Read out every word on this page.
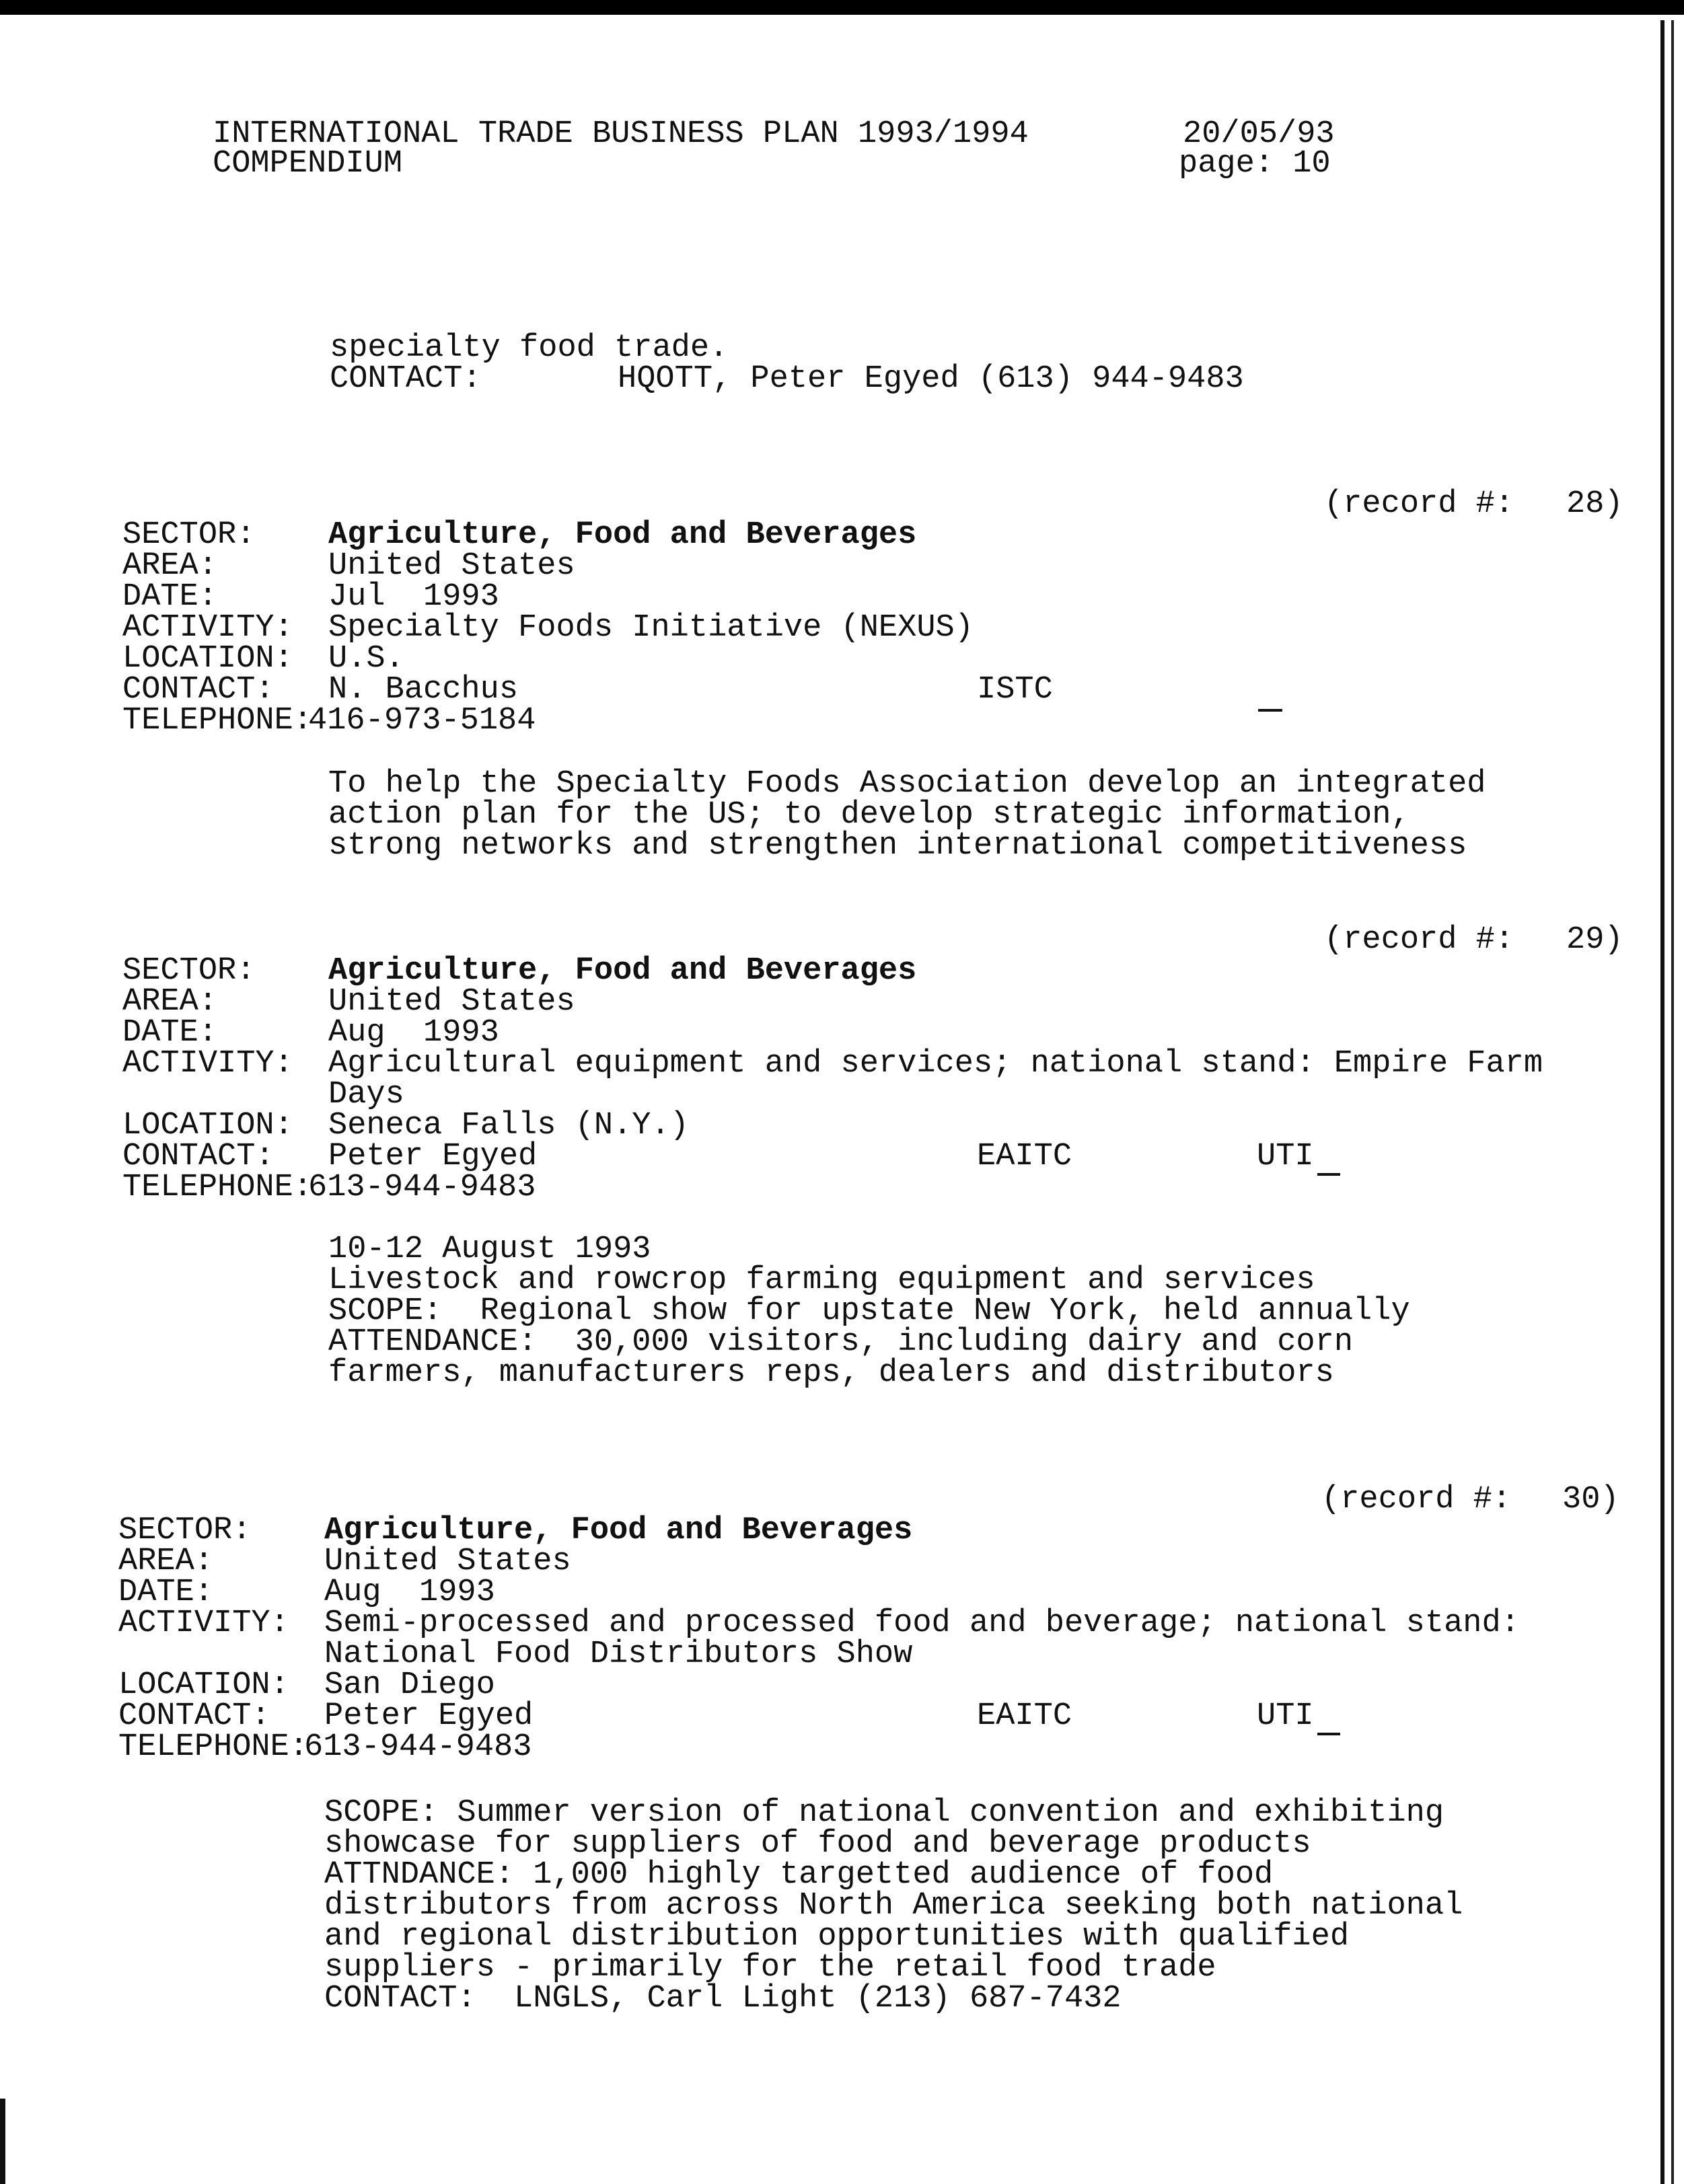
INTERNATIONAL TRADE BUSINESS PLAN 1993/1994

COMPENDIUM

20/05/93

page: 10

specialty food trade.

CONTACT:	HQOTT, Peter Egyed (613) 944-9483

(record #: 28)

SECTOR: Agriculture, Food and Beverages

AREA:	United States

DATE:	Jul  1993

ACTIVITY: Specialty Foods Initiative (NEXUS)

LOCATION: U.S.

CONTACT: N. Bacchus	ISTC

TELEPHONE:

416-973-5184

To help the Specialty Foods Association develop an integrated

action plan for the US; to develop strategic information,

strong networks and strengthen international competitiveness

(record #: 29)

SECTOR: Agriculture, Food and Beverages

AREA:	United States

DATE:	Aug  1993

ACTIVITY: Agricultural equipment and services; national stand: Empire Farm

Days

LOCATION: Seneca Falls (N.Y.)

CONTACT: Peter Egyed	EAITC	UTI

TELEPHONE:

613-944-9483

10-12 August 1993

Livestock and rowcrop farming equipment and services

SCOPE:  Regional show for upstate New York, held annually

ATTENDANCE:  30,000 visitors, including dairy and corn

farmers, manufacturers reps, dealers and distributors

(record #: 30)

SECTOR: Agriculture, Food and Beverages

AREA:	United States

DATE:	Aug  1993

ACTIVITY: Semi-processed and processed food and beverage; national stand:

National Food Distributors Show

LOCATION: San Diego

CONTACT: Peter Egyed	EAITC	UTI

TELEPHONE:

613-944-9483

SCOPE: Summer version of national convention and exhibiting

showcase for suppliers of food and beverage products

ATTNDANCE: 1,000 highly targetted audience of food

distributors from across North America seeking both national

and regional distribution opportunities with qualified

suppliers - primarily for the retail food trade

CONTACT:  LNGLS, Carl Light (213) 687-7432
